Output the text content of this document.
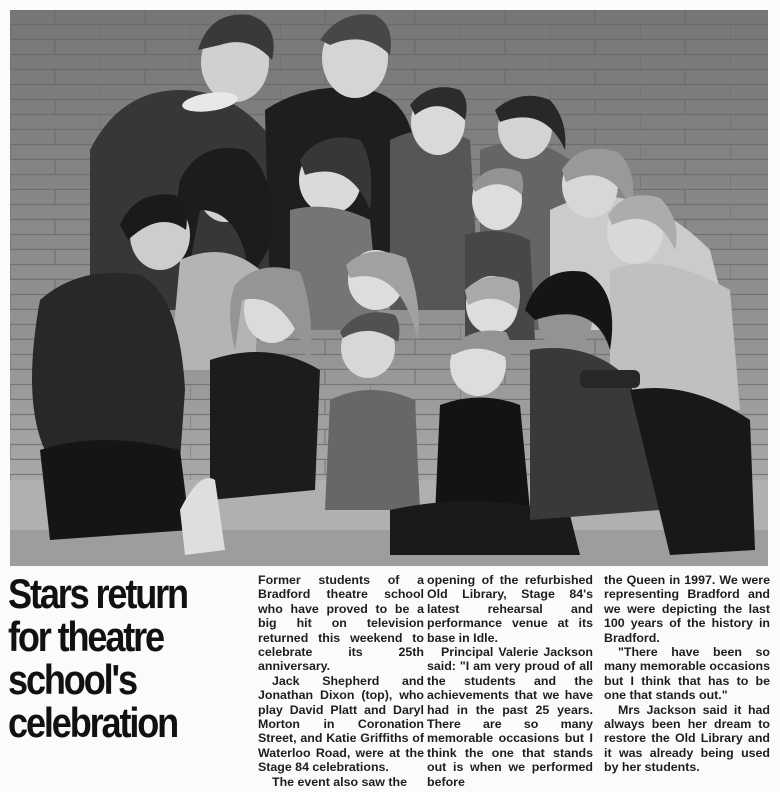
Stars return
for theatre
school's
celebration

Former students of a Bradford theatre school who have proved to be a big hit on television returned this weekend to celebrate its 25th anniversary.

Jack Shepherd and Jonathan Dixon (top), who play David Platt and Daryl Morton in Coronation Street, and Katie Griffiths of Waterloo Road, were at the Stage 84 celebrations.

The event also saw the

opening of the refurbished Old Library, Stage 84's latest rehearsal and performance venue at its base in Idle.

Principal Valerie Jackson said: "I am very proud of all the students and the achievements that we have had in the past 25 years. There are so many memorable occasions but I think the one that stands out is when we performed before

the Queen in 1997. We were representing Bradford and we were depicting the last 100 years of the history in Bradford.

"There have been so many memorable occasions but I think that has to be one that stands out."

Mrs Jackson said it had always been her dream to restore the Old Library and it was already being used by her students.
